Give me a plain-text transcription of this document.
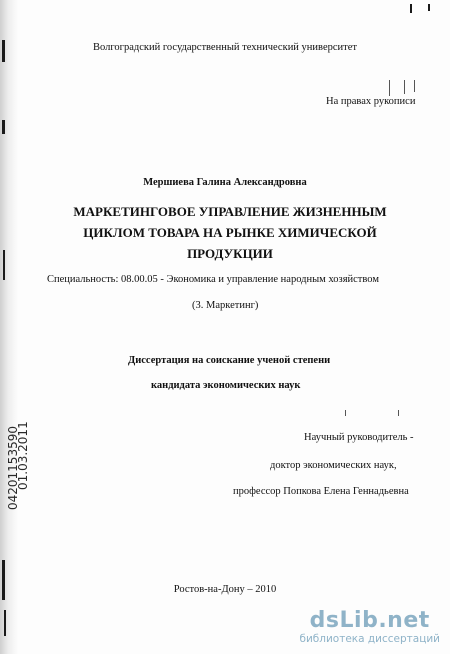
04201153590
01.03.2011
Волгоградский государственный технический университет
На правах рукописи
Мершиева Галина Александровна
МАРКЕТИНГОВОЕ УПРАВЛЕНИЕ ЖИЗНЕННЫМ
ЦИКЛОМ ТОВАРА НА РЫНКЕ ХИМИЧЕСКОЙ
ПРОДУКЦИИ
Специальность: 08.00.05 - Экономика и управление народным хозяйством
(3. Маркетинг)
Диссертация на соискание ученой степени
кандидата экономических наук
Научный руководитель -
доктор экономических наук,
профессор Попкова Елена Геннадьевна
Ростов-на-Дону – 2010
dsLib.net
библиотека диссертаций
